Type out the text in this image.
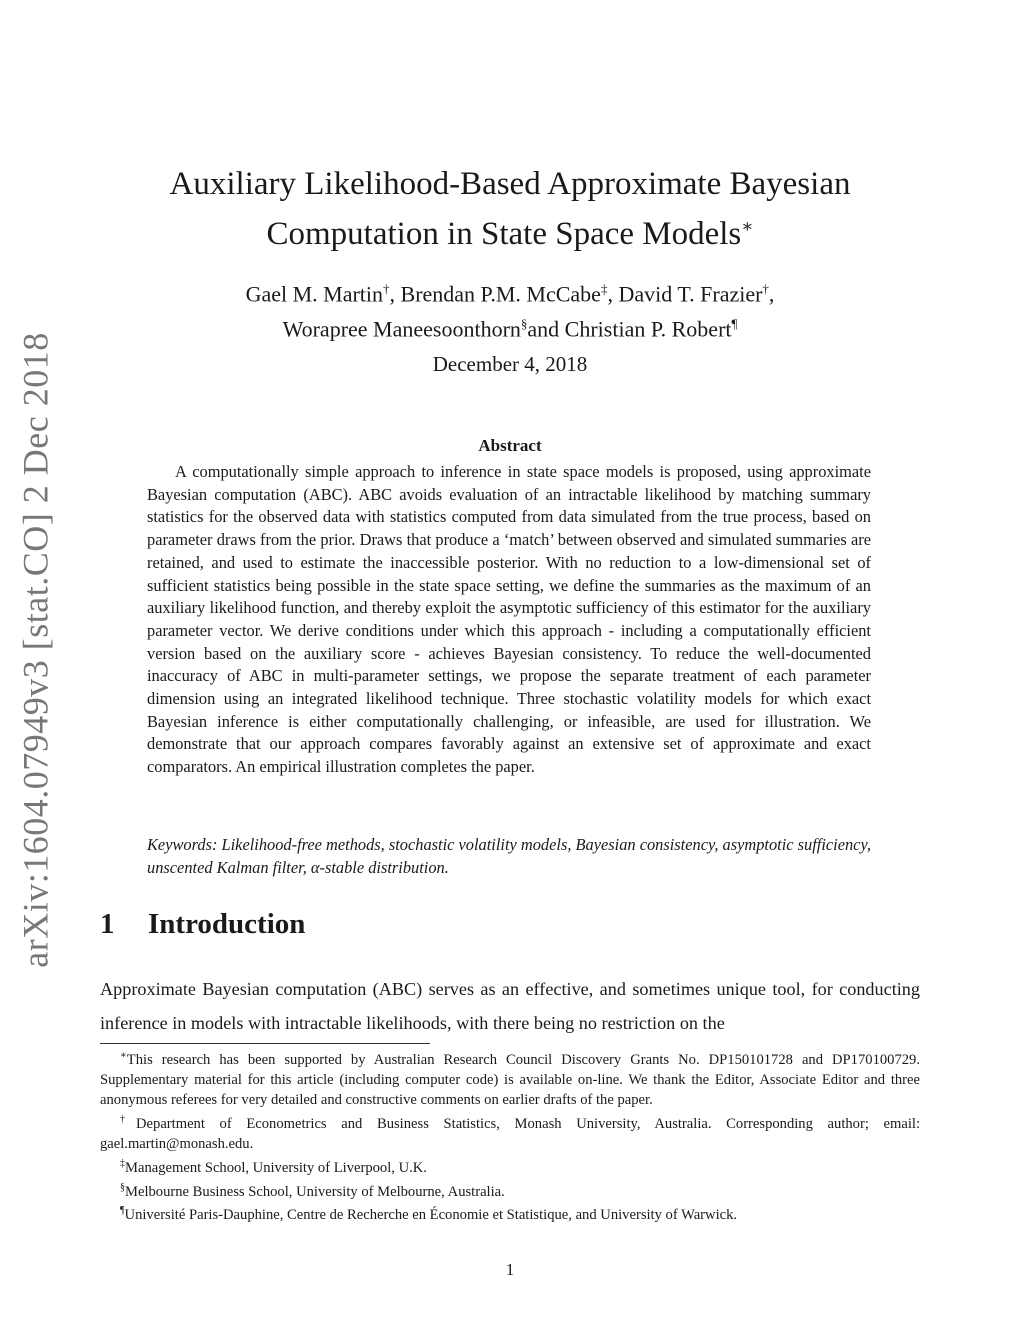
arXiv:1604.07949v3 [stat.CO] 2 Dec 2018
Auxiliary Likelihood-Based Approximate Bayesian
Computation in State Space Models∗
Gael M. Martin†, Brendan P.M. McCabe‡, David T. Frazier†,
Worapree Maneesoonthorn§and Christian P. Robert¶
December 4, 2018
Abstract

A computationally simple approach to inference in state space models is proposed, using approximate Bayesian computation (ABC). ABC avoids evaluation of an intractable likelihood by matching summary statistics for the observed data with statistics computed from data simulated from the true process, based on parameter draws from the prior. Draws that produce a ‘match’ between observed and simulated summaries are retained, and used to estimate the inaccessible posterior. With no reduction to a low-dimensional set of sufficient statistics being possible in the state space setting, we define the summaries as the maximum of an auxiliary likelihood function, and thereby exploit the asymptotic sufficiency of this estimator for the auxiliary parameter vector. We derive conditions under which this approach - including a computationally efficient version based on the auxiliary score - achieves Bayesian consistency. To reduce the well-documented inaccuracy of ABC in multi-parameter settings, we propose the separate treatment of each parameter dimension using an integrated likelihood technique. Three stochastic volatility models for which exact Bayesian inference is either computationally challenging, or infeasible, are used for illustration. We demonstrate that our approach compares favorably against an extensive set of approximate and exact comparators. An empirical illustration completes the paper.

Keywords: Likelihood-free methods, stochastic volatility models, Bayesian consistency, asymptotic sufficiency, unscented Kalman filter, α-stable distribution.

1 Introduction

Approximate Bayesian computation (ABC) serves as an effective, and sometimes unique tool, for conducting inference in models with intractable likelihoods, with there being no restriction on the

∗This research has been supported by Australian Research Council Discovery Grants No. DP150101728 and DP170100729. Supplementary material for this article (including computer code) is available on-line. We thank the Editor, Associate Editor and three anonymous referees for very detailed and constructive comments on earlier drafts of the paper.

†Department of Econometrics and Business Statistics, Monash University, Australia. Corresponding author; email: gael.martin@monash.edu.

‡Management School, University of Liverpool, U.K.

§Melbourne Business School, University of Melbourne, Australia.

¶Université Paris-Dauphine, Centre de Recherche en Économie et Statistique, and University of Warwick.

1
